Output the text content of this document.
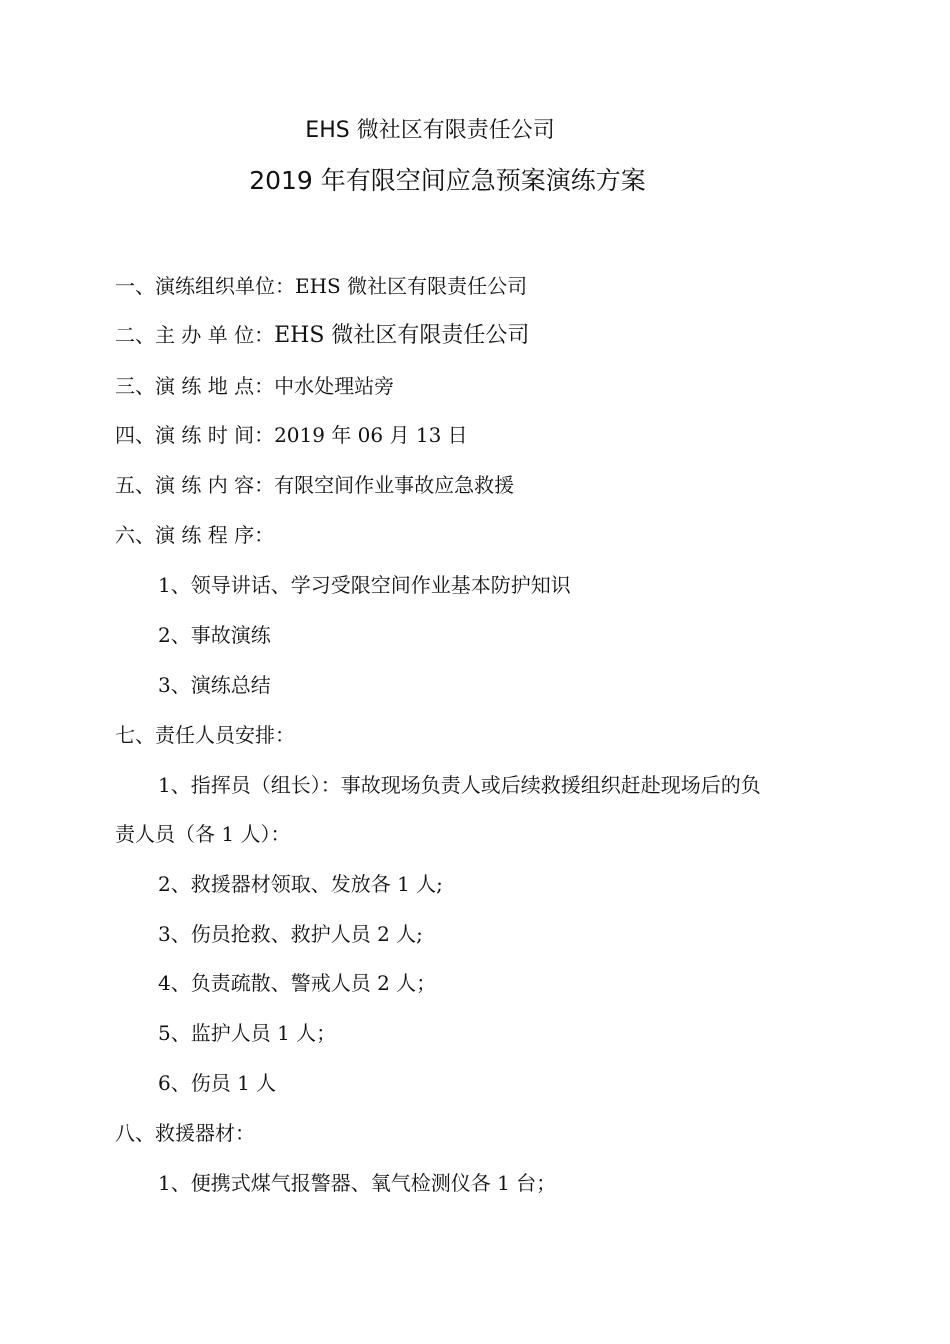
EHS 微社区有限责任公司
2019 年有限空间应急预案演练方案
一、演练组织单位：EHS 微社区有限责任公司
二、主 办 单 位：EHS 微社区有限责任公司
三、演 练 地 点：中水处理站旁
四、演 练 时 间：2019 年 06 月 13 日
五、演 练 内 容：有限空间作业事故应急救援
六、演 练 程 序：
1、领导讲话、学习受限空间作业基本防护知识
2、事故演练
3、演练总结
七、责任人员安排：
1、指挥员（组长）：事故现场负责人或后续救援组织赶赴现场后的负
责人员（各 1 人）：
2、救援器材领取、发放各 1 人;
3、伤员抢救、救护人员 2 人;
4、负责疏散、警戒人员 2 人；
5、监护人员 1 人；
6、伤员 1 人
八、救援器材：
1、便携式煤气报警器、氧气检测仪各 1 台；
